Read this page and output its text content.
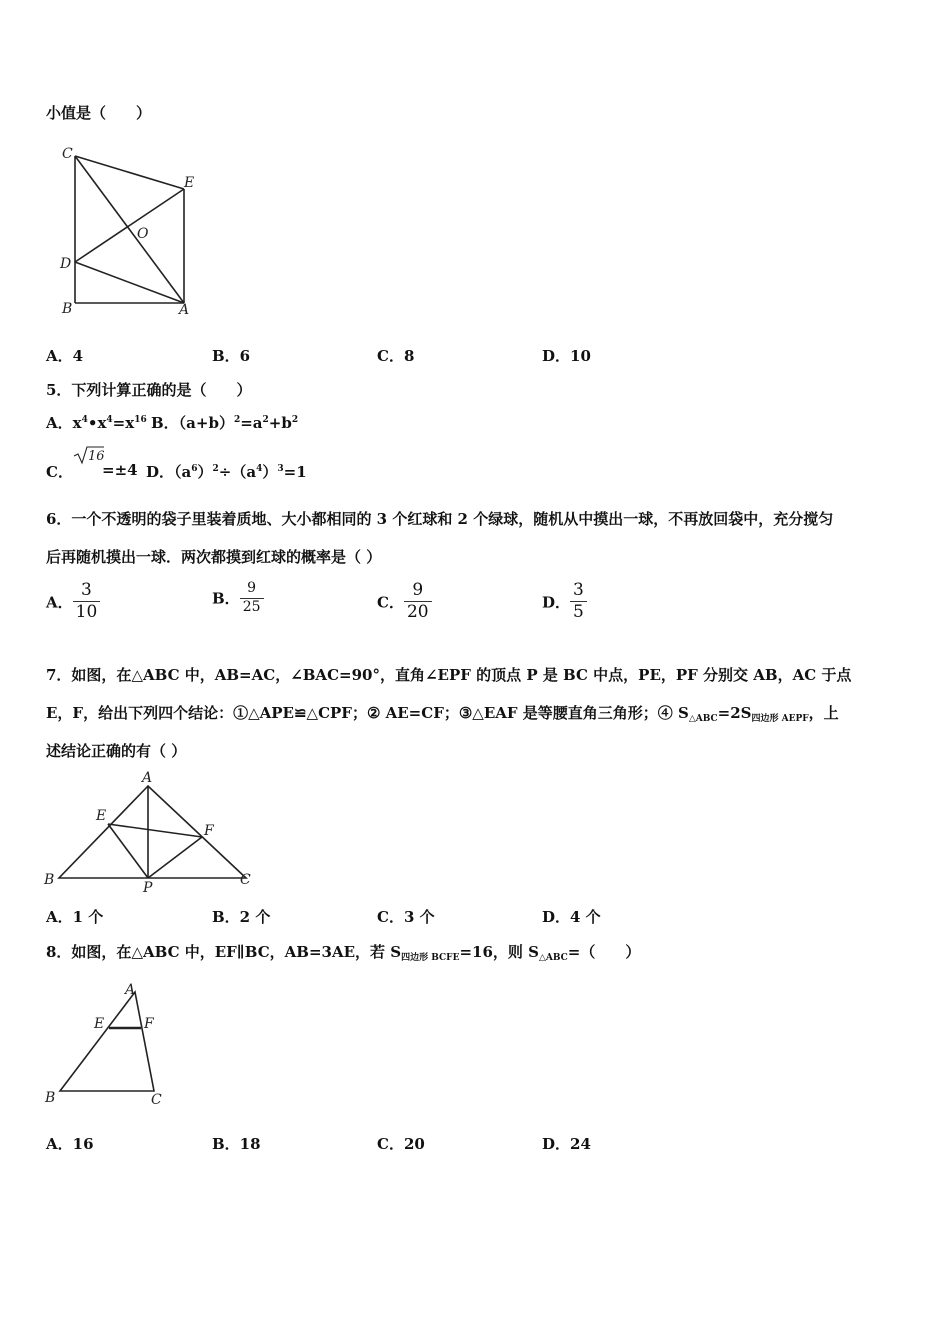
小值是（　　）
C
E
O
D
B	A
A．4	B．6	C．8	D．10
5．下列计算正确的是（　　）
A．$x^4•x^4=x^{16}$ B．$(a+b)^2=a^2+b^2$
C．
16
=±4 D．$(a^6)^2\div(a^4)^3=1$
6．一个不透明的袋子里装着质地、大小都相同的 3 个红球和 2 个绿球，随机从中摸出一球，不再放回袋中，充分搅匀
后再随机摸出一球．两次都摸到红球的概率是（ ）
A． $\frac{3}{10}$	B． $\frac{9}{25}$	C． $\frac{9}{20}$	D． $\frac{3}{5}$
7．如图，在△ABC 中，AB=AC，∠BAC=90°，直角∠EPF 的顶点 P 是 BC 中点，PE，PF 分别交 AB，AC 于点
E，F，给出下列四个结论：①△APE≌△CPF；② AE=CF；③△EAF 是等腰直角三角形；④ $S_{\triangle ABC}=2S_{四边形 AEPF}$，上
述结论正确的有（ ）
A
E
F
B	P	C
A．1 个	B．2 个	C．3 个	D．4 个
8．如图，在△ABC 中，EF∥BC，AB=3AE，若 $S_{四边形 BCFE}=16$，则 $S_{\triangle ABC}=$（　　）
A
E	F
B	C
A．16	B．18	C．20	D．24
